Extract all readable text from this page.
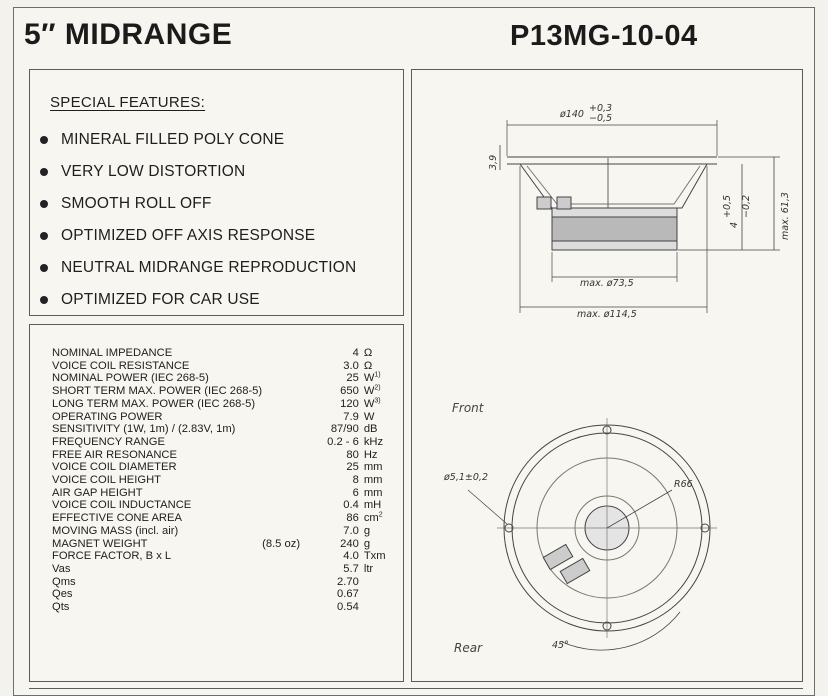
5″ MIDRANGE	P13MG-10-04
SPECIAL FEATURES:
MINERAL FILLED POLY CONE
VERY LOW DISTORTION
SMOOTH ROLL OFF
OPTIMIZED OFF AXIS RESPONSE
NEUTRAL MIDRANGE REPRODUCTION
OPTIMIZED FOR CAR USE
NOMINAL IMPEDANCE		4	Ω
VOICE COIL RESISTANCE		3.0	Ω
NOMINAL POWER (IEC 268-5)		25	$W^{1)}$
SHORT TERM MAX. POWER (IEC 268-5)		650	$W^{2)}$
LONG TERM MAX. POWER (IEC 268-5)		120	$W^{3)}$
OPERATING POWER		7.9	W
SENSITIVITY (1W, 1m) / (2.83V, 1m)		87/90	dB
FREQUENCY RANGE		0.2 - 6	kHz
FREE AIR RESONANCE		80	Hz
VOICE COIL DIAMETER		25	mm
VOICE COIL HEIGHT		8	mm
AIR GAP HEIGHT		6	mm
VOICE COIL INDUCTANCE		0.4	mH
EFFECTIVE CONE AREA		86	$cm^2$
MOVING MASS (incl. air)		7.0	g
MAGNET WEIGHT	(8.5 oz)	240	g
FORCE FACTOR, B x L		4.0	Txm
Vas		5.7	ltr
Qms		2.70	
Qes		0.67	
Qts		0.54	
ø140
+0,3
−0,5
3,9
4
+0,5 −0,2	max. 61,3
max. ø73,5
max. ø114,5
Front
ø5,1±0,2
R66
Rear	45°
